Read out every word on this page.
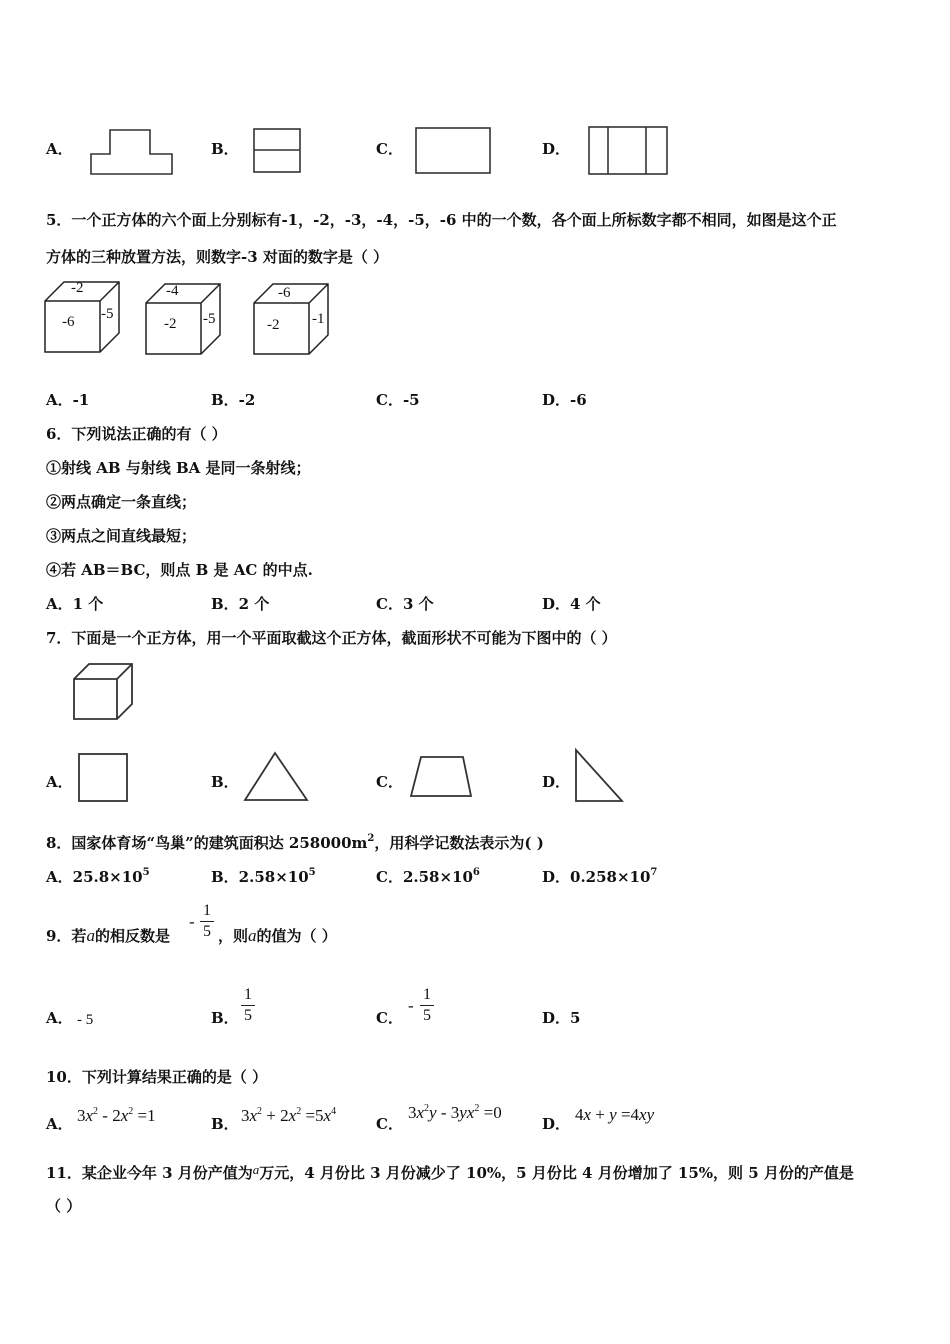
A．	B．	C．	D．
5．一个正方体的六个面上分别标有-1，-2，-3，-4，-5，-6 中的一个数，各个面上所标数字都不相同，如图是这个正
方体的三种放置方法，则数字-3 对面的数字是（ ）
-2
-6 -5
-4
-2 -5
-6
-2 -1
A．-1	B．-2	C．-5	D．-6
6．下列说法正确的有（ ）
①射线 AB 与射线 BA 是同一条射线；
②两点确定一条直线；
③两点之间直线最短；
④若 AB＝BC，则点 B 是 AC 的中点.
A．1 个	B．2 个	C．3 个	D．4 个
7．下面是一个正方体，用一个平面取截这个正方体，截面形状不可能为下图中的（ ）
A．	B．	C．	D．
8．国家体育场“鸟巢”的建筑面积达 $258000m^2$，用科学记数法表示为( )
A．$25.8\times 10^5$	B．$2.58\times 10^5$	C．$2.58\times 10^6$	D．$0.258\times 10^7$
9．若a的相反数是
-
1
5 ，则a的值为（ ）
A． - 5	B．
1
5	C．
-
1
5	D．5
10．下列计算结果正确的是（ ）
A． $3x^2 - 2x^2 =1$	B． $3x^2 + 2x^2 =5x^4$
C．
$3x^2y - 3yx^2 =0$
D． 4x + y =4xy
11．某企业今年 3 月份产值为a万元，4 月份比 3 月份减少了 10%，5 月份比 4 月份增加了 15%，则 5 月份的产值是
（ ）
